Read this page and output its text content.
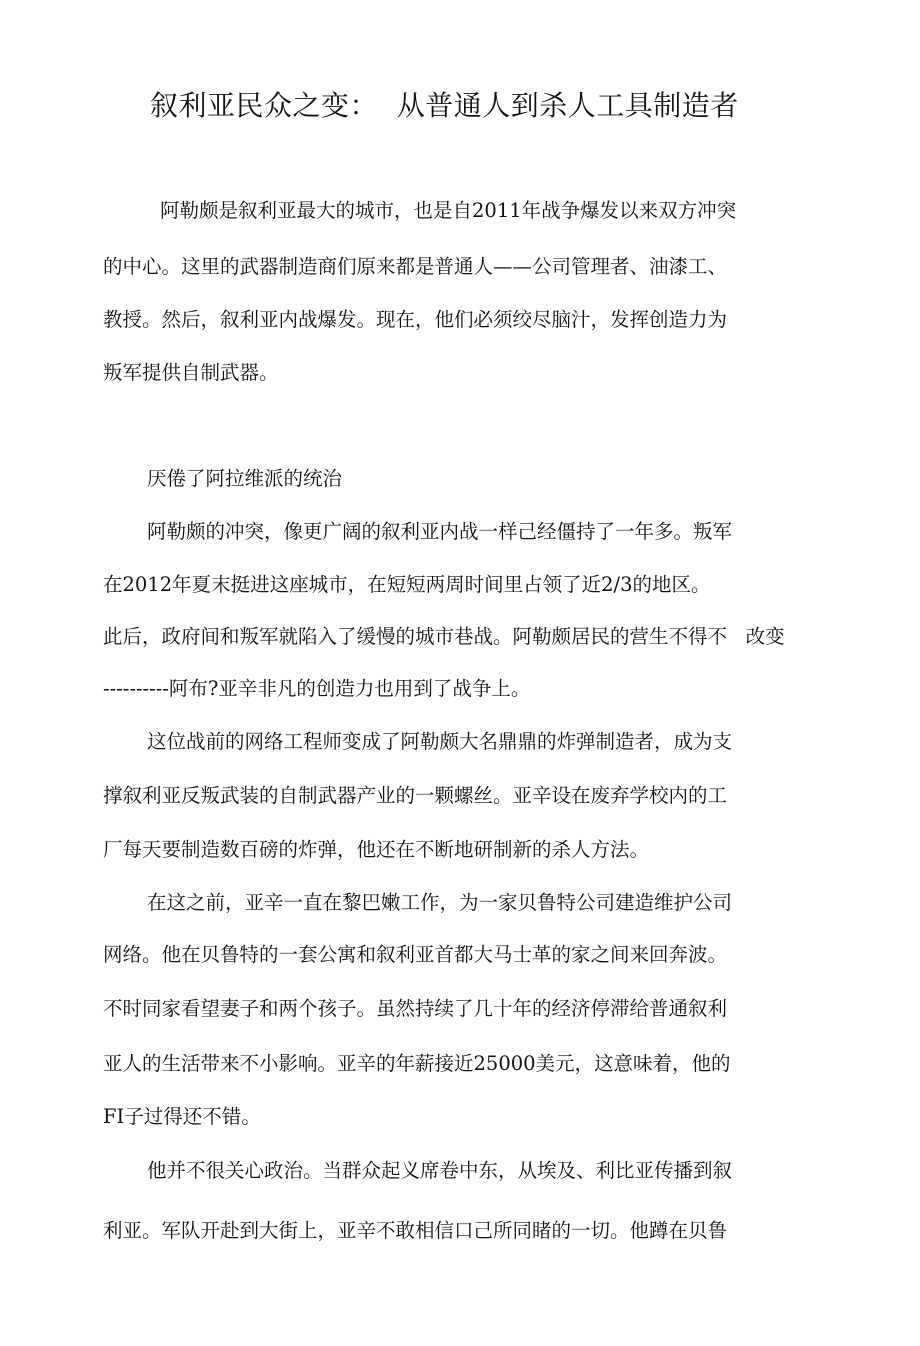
叙利亚民众之变：  从普通人到杀人工具制造者
阿勒颇是叙利亚最大的城市，也是自2011年战争爆发以来双方冲突
的中心。这里的武器制造商们原来都是普通人——公司管理者、油漆工、
教授。然后，叙利亚内战爆发。现在，他们必须绞尽脑汁，发挥创造力为
叛军提供自制武器。
厌倦了阿拉维派的统治
阿勒颇的冲突，像更广阔的叙利亚内战一样己经僵持了一年多。叛军
在2012年夏末挺进这座城市，在短短两周时间里占领了近2/3的地区。
此后，政府间和叛军就陷入了缓慢的城市巷战。阿勒颇居民的营生不得不   改变
----------阿布?亚辛非凡的创造力也用到了战争上。
这位战前的网络工程师变成了阿勒颇大名鼎鼎的炸弹制造者，成为支
撑叙利亚反叛武装的自制武器产业的一颗螺丝。亚辛设在废弃学校内的工
厂每天要制造数百磅的炸弹，他还在不断地研制新的杀人方法。
在这之前，亚辛一直在黎巴嫩工作，为一家贝鲁特公司建造维护公司
网络。他在贝鲁特的一套公寓和叙利亚首都大马士革的家之间来回奔波。
不时同家看望妻子和两个孩子。虽然持续了几十年的经济停滞给普通叙利
亚人的生活带来不小影响。亚辛的年薪接近25000美元，这意味着，他的
FI子过得还不错。
他并不很关心政治。当群众起义席卷中东，从埃及、利比亚传播到叙
利亚。军队开赴到大街上，亚辛不敢相信口己所同睹的一切。他蹲在贝鲁
